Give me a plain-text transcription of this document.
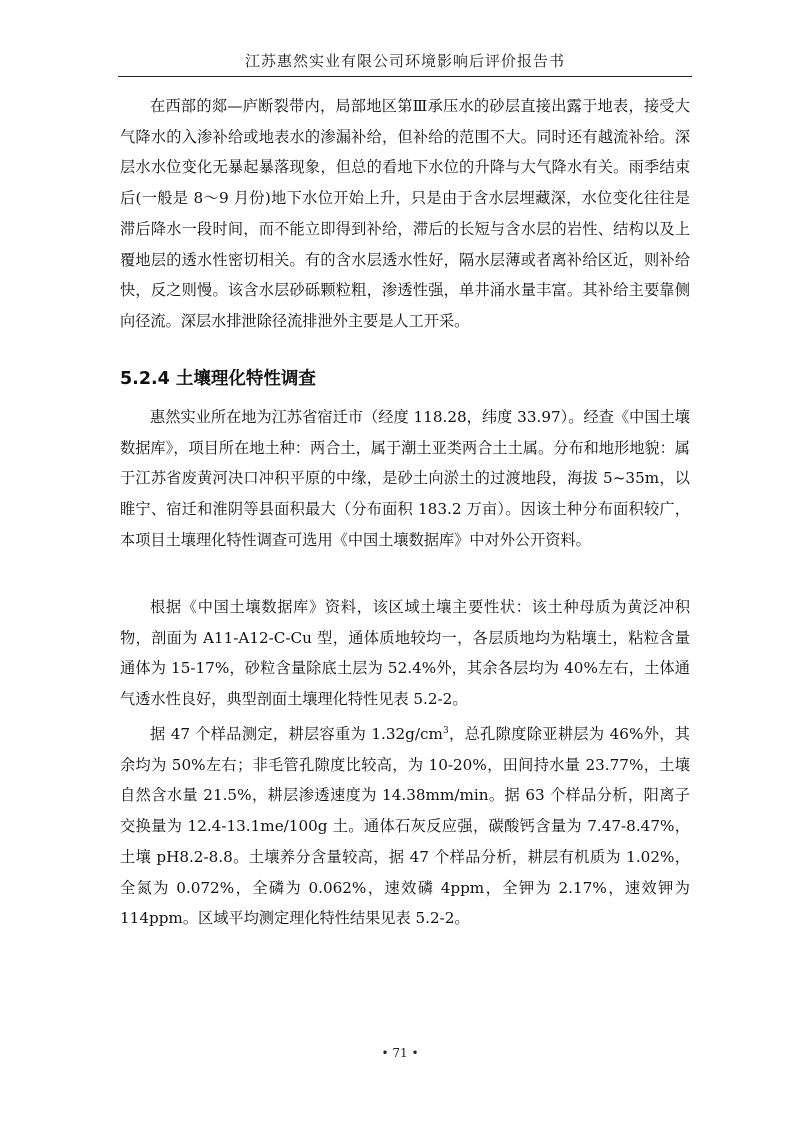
江苏惠然实业有限公司环境影响后评价报告书

在西部的郯—庐断裂带内，局部地区第Ⅲ承压水的砂层直接出露于地表，接受大气降水的入渗补给或地表水的渗漏补给，但补给的范围不大。同时还有越流补给。深层水水位变化无暴起暴落现象，但总的看地下水位的升降与大气降水有关。雨季结束后(一般是 8～9 月份)地下水位开始上升，只是由于含水层埋藏深，水位变化往往是滞后降水一段时间，而不能立即得到补给，滞后的长短与含水层的岩性、结构以及上覆地层的透水性密切相关。有的含水层透水性好，隔水层薄或者离补给区近，则补给快，反之则慢。该含水层砂砾颗粒粗，渗透性强，单井涌水量丰富。其补给主要靠侧向径流。深层水排泄除径流排泄外主要是人工开采。

5.2.4 土壤理化特性调查

惠然实业所在地为江苏省宿迁市（经度 118.28，纬度 33.97）。经查《中国土壤数据库》，项目所在地土种：两合土，属于潮土亚类两合土土属。分布和地形地貌：属于江苏省废黄河决口冲积平原的中缘，是砂土向淤土的过渡地段，海拔 5~35m，以睢宁、宿迁和淮阴等县面积最大（分布面积 183.2 万亩）。因该土种分布面积较广，本项目土壤理化特性调查可选用《中国土壤数据库》中对外公开资料。

根据《中国土壤数据库》资料，该区域土壤主要性状：该土种母质为黄泛冲积物，剖面为 A11-A12-C-Cu 型，通体质地较均一，各层质地均为粘壤土，粘粒含量通体为 15-17%，砂粒含量除底土层为 52.4%外，其余各层均为 40%左右，土体通气透水性良好，典型剖面土壤理化特性见表 5.2-2。

据 47 个样品测定，耕层容重为 $1.32g/cm^3$，总孔隙度除亚耕层为 46%外，其余均为 50%左右；非毛管孔隙度比较高，为 10-20%，田间持水量 23.77%，土壤自然含水量 21.5%，耕层渗透速度为 14.38mm/min。据 63 个样品分析，阳离子交换量为 12.4-13.1me/100g 土。通体石灰反应强，碳酸钙含量为 7.47-8.47%，土壤 pH8.2-8.8。土壤养分含量较高，据 47 个样品分析，耕层有机质为 1.02%，全氮为 0.072%，全磷为 0.062%，速效磷 4ppm，全钾为 2.17%，速效钾为 114ppm。区域平均测定理化特性结果见表 5.2-2。

• 71 •
